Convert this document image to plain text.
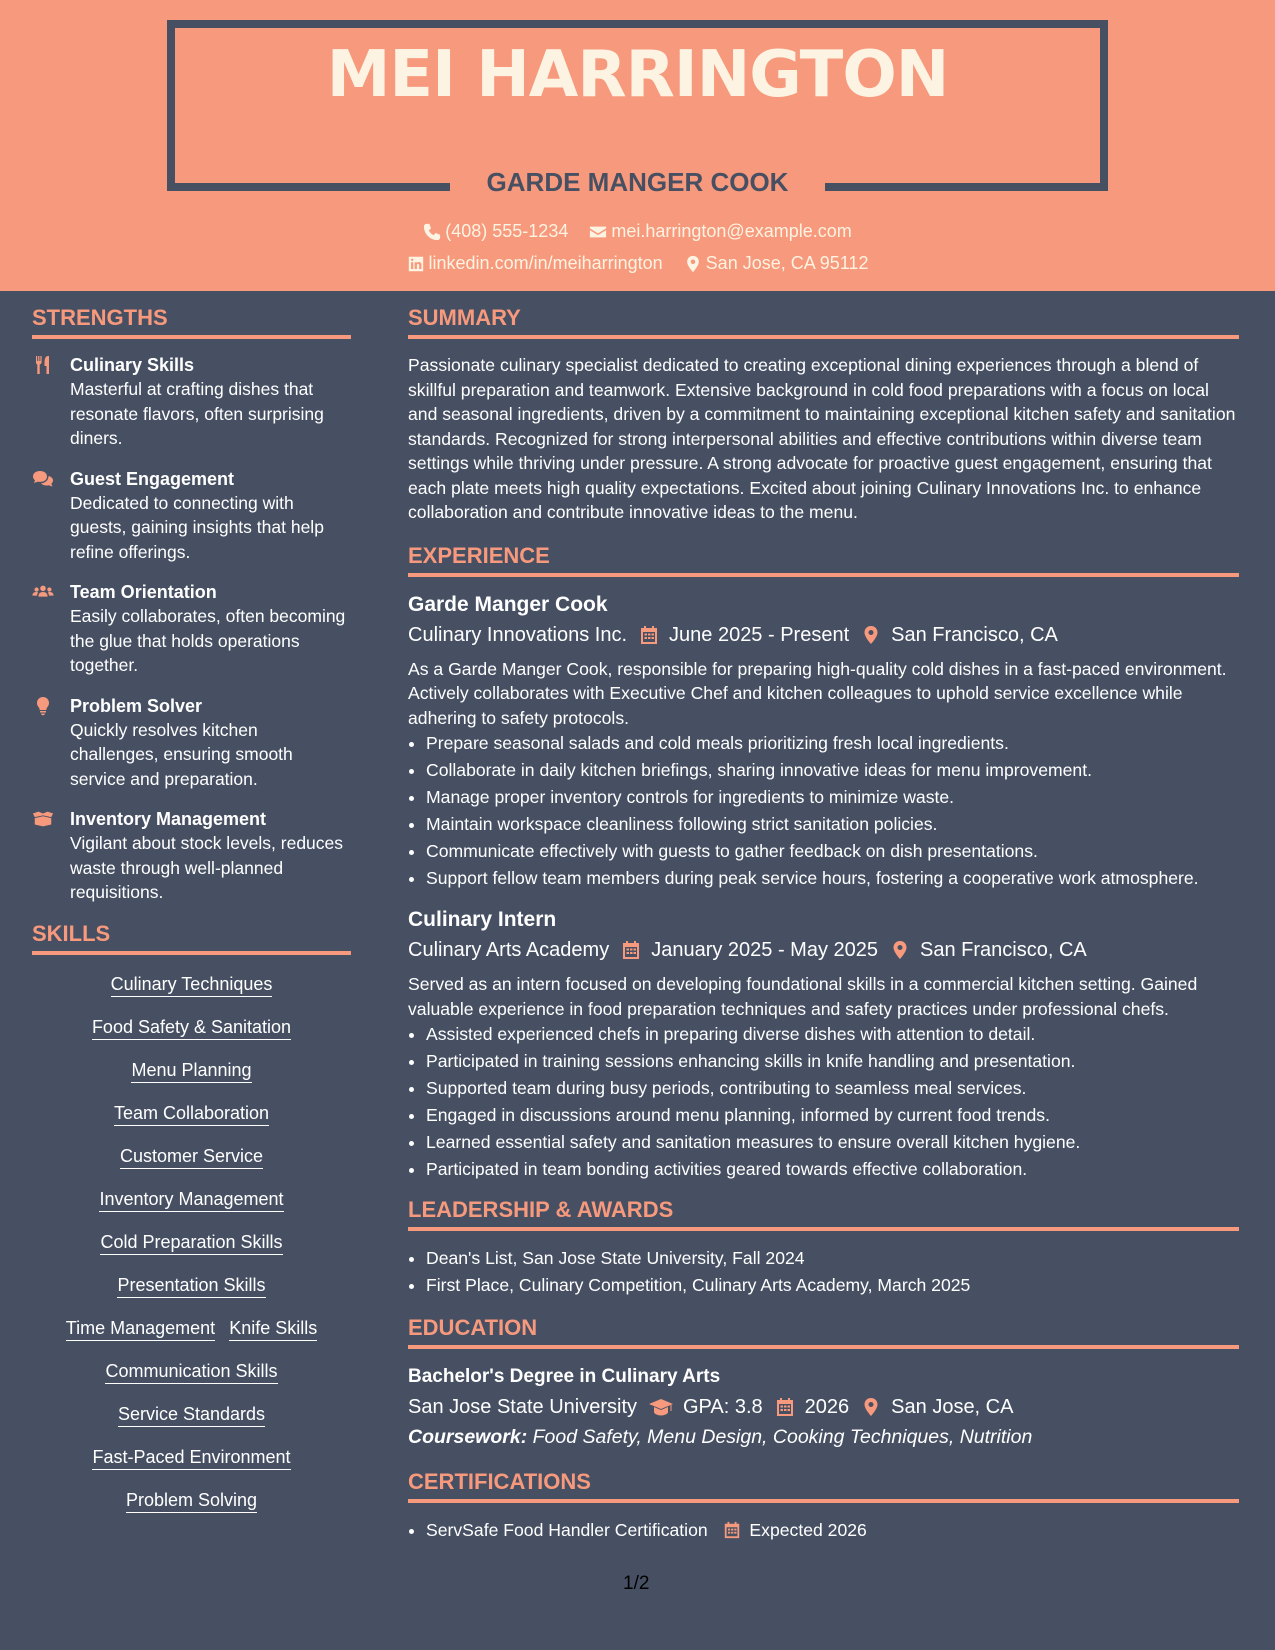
MEI HARRINGTON
GARDE MANGER COOK
(408) 555-1234
mei.harrington@example.com
linkedin.com/in/meiharrington
San Jose, CA 95112
STRENGTHS
Culinary Skills
Masterful at crafting dishes that resonate flavors, often surprising diners.
Guest Engagement
Dedicated to connecting with guests, gaining insights that help refine offerings.
Team Orientation
Easily collaborates, often becoming the glue that holds operations together.
Problem Solver
Quickly resolves kitchen challenges, ensuring smooth service and preparation.
Inventory Management
Vigilant about stock levels, reduces waste through well-planned requisitions.
SKILLS
Culinary Techniques
Food Safety & Sanitation
Menu Planning
Team Collaboration
Customer Service
Inventory Management
Cold Preparation Skills
Presentation Skills
Time Management Knife Skills
Communication Skills
Service Standards
Fast-Paced Environment
Problem Solving
SUMMARY
Passionate culinary specialist dedicated to creating exceptional dining experiences through a blend of skillful preparation and teamwork. Extensive background in cold food preparations with a focus on local and seasonal ingredients, driven by a commitment to maintaining exceptional kitchen safety and sanitation standards. Recognized for strong interpersonal abilities and effective contributions within diverse team settings while thriving under pressure. A strong advocate for proactive guest engagement, ensuring that each plate meets high quality expectations. Excited about joining Culinary Innovations Inc. to enhance collaboration and contribute innovative ideas to the menu.
EXPERIENCE
Garde Manger Cook
Culinary Innovations Inc. June 2025 - Present San Francisco, CA
As a Garde Manger Cook, responsible for preparing high-quality cold dishes in a fast-paced environment. Actively collaborates with Executive Chef and kitchen colleagues to uphold service excellence while adhering to safety protocols.
• Prepare seasonal salads and cold meals prioritizing fresh local ingredients.
• Collaborate in daily kitchen briefings, sharing innovative ideas for menu improvement.
• Manage proper inventory controls for ingredients to minimize waste.
• Maintain workspace cleanliness following strict sanitation policies.
• Communicate effectively with guests to gather feedback on dish presentations.
• Support fellow team members during peak service hours, fostering a cooperative work atmosphere.
Culinary Intern
Culinary Arts Academy January 2025 - May 2025 San Francisco, CA
Served as an intern focused on developing foundational skills in a commercial kitchen setting. Gained valuable experience in food preparation techniques and safety practices under professional chefs.
• Assisted experienced chefs in preparing diverse dishes with attention to detail.
• Participated in training sessions enhancing skills in knife handling and presentation.
• Supported team during busy periods, contributing to seamless meal services.
• Engaged in discussions around menu planning, informed by current food trends.
• Learned essential safety and sanitation measures to ensure overall kitchen hygiene.
• Participated in team bonding activities geared towards effective collaboration.
LEADERSHIP & AWARDS
• Dean's List, San Jose State University, Fall 2024
• First Place, Culinary Competition, Culinary Arts Academy, March 2025
EDUCATION
Bachelor's Degree in Culinary Arts
San Jose State University GPA: 3.8 2026 San Jose, CA
Coursework: Food Safety, Menu Design, Cooking Techniques, Nutrition
CERTIFICATIONS
• ServSafe Food Handler Certification Expected 2026
1/2
